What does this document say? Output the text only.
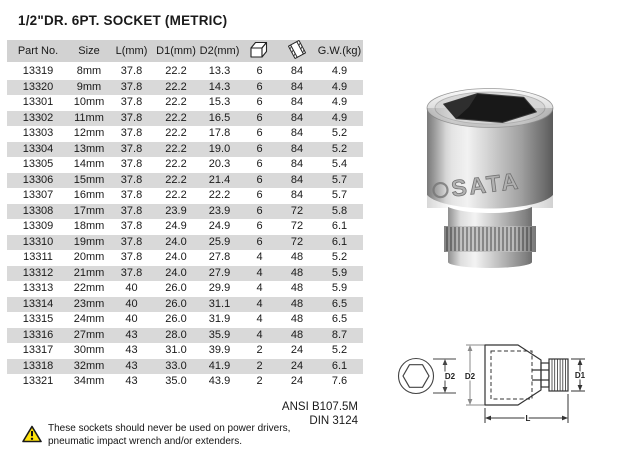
1/2"DR. 6PT. SOCKET (METRIC)
Part No.	Size	L(mm)	D1(mm)	D2(mm)			G.W.(kg)
13319	8mm	37.8	22.2	13.3	6	84	4.9
13320	9mm	37.8	22.2	14.3	6	84	4.9
13301	10mm	37.8	22.2	15.3	6	84	4.9
13302	11mm	37.8	22.2	16.5	6	84	4.9
13303	12mm	37.8	22.2	17.8	6	84	5.2
13304	13mm	37.8	22.2	19.0	6	84	5.2
13305	14mm	37.8	22.2	20.3	6	84	5.4
13306	15mm	37.8	22.2	21.4	6	84	5.7
13307	16mm	37.8	22.2	22.2	6	84	5.7
13308	17mm	37.8	23.9	23.9	6	72	5.8
13309	18mm	37.8	24.9	24.9	6	72	6.1
13310	19mm	37.8	24.0	25.9	6	72	6.1
13311	20mm	37.8	24.0	27.8	4	48	5.2
13312	21mm	37.8	24.0	27.9	4	48	5.9
13313	22mm	40	26.0	29.9	4	48	5.9
13314	23mm	40	26.0	31.1	4	48	6.5
13315	24mm	40	26.0	31.9	4	48	6.5
13316	27mm	43	28.0	35.9	4	48	8.7
13317	30mm	43	31.0	39.9	2	24	5.2
13318	32mm	43	33.0	41.9	2	24	6.1
13321	34mm	43	35.0	43.9	2	24	7.6
SATA
D2 D2	D1
L
ANSI B107.5M
DIN 3124
These sockets should never be used on power drivers,
pneumatic impact wrench and/or extenders.
